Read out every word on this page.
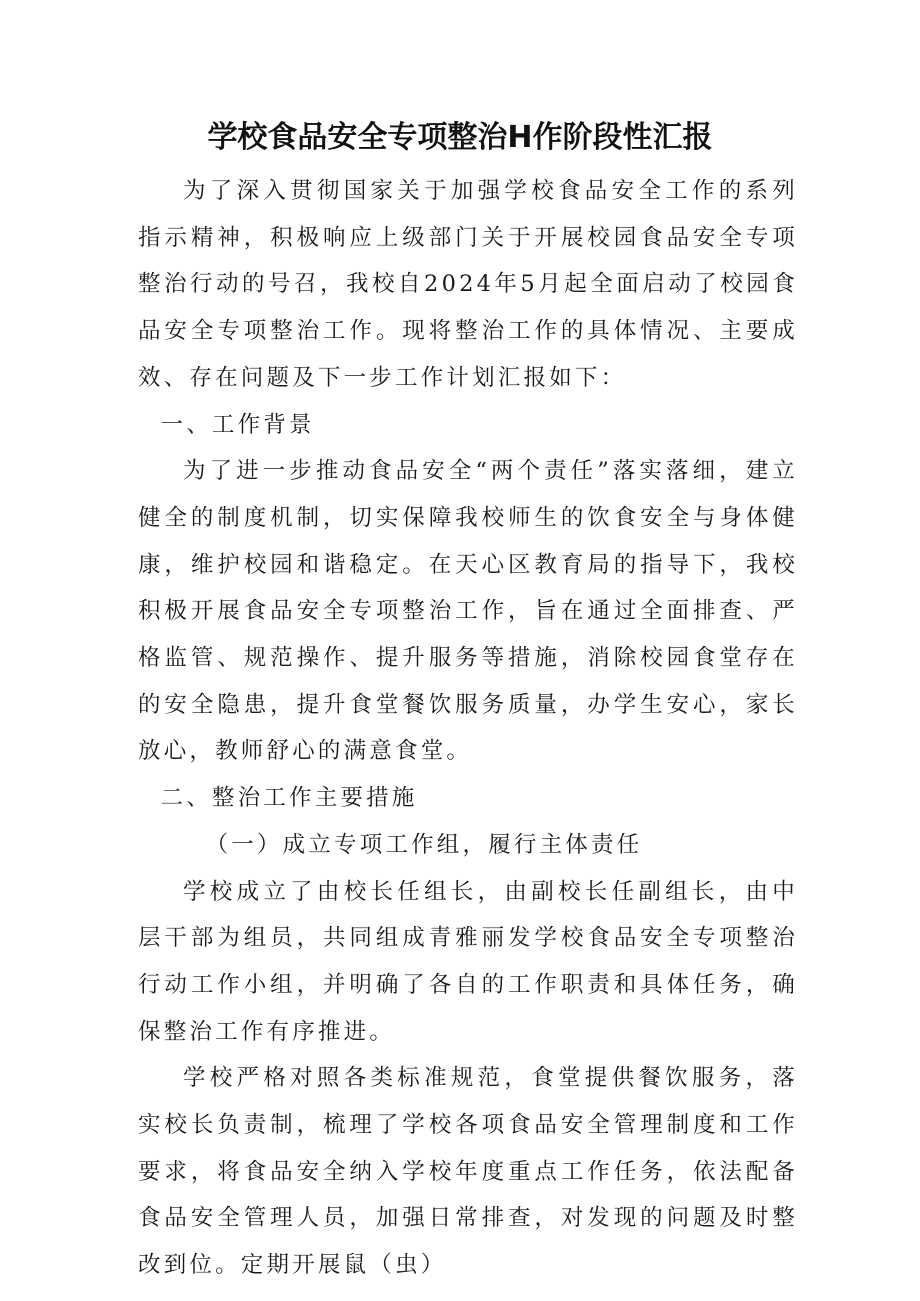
学校食品安全专项整治H作阶段性汇报

为了深入贯彻国家关于加强学校食品安全工作的系列指示精神，积极响应上级部门关于开展校园食品安全专项整治行动的号召，我校自2024年5月起全面启动了校园食品安全专项整治工作。现将整治工作的具体情况、主要成效、存在问题及下一步工作计划汇报如下：

一、工作背景

为了进一步推动食品安全“两个责任”落实落细，建立健全的制度机制，切实保障我校师生的饮食安全与身体健康，维护校园和谐稳定。在天心区教育局的指导下，我校积极开展食品安全专项整治工作，旨在通过全面排查、严格监管、规范操作、提升服务等措施，消除校园食堂存在的安全隐患，提升食堂餐饮服务质量，办学生安心，家长放心，教师舒心的满意食堂。

二、整治工作主要措施

（一）成立专项工作组，履行主体责任

学校成立了由校长任组长，由副校长任副组长，由中层干部为组员，共同组成青雅丽发学校食品安全专项整治行动工作小组，并明确了各自的工作职责和具体任务，确保整治工作有序推进。

学校严格对照各类标准规范，食堂提供餐饮服务，落实校长负责制，梳理了学校各项食品安全管理制度和工作要求，将食品安全纳入学校年度重点工作任务，依法配备食品安全管理人员，加强日常排查，对发现的问题及时整改到位。定期开展鼠（虫）
